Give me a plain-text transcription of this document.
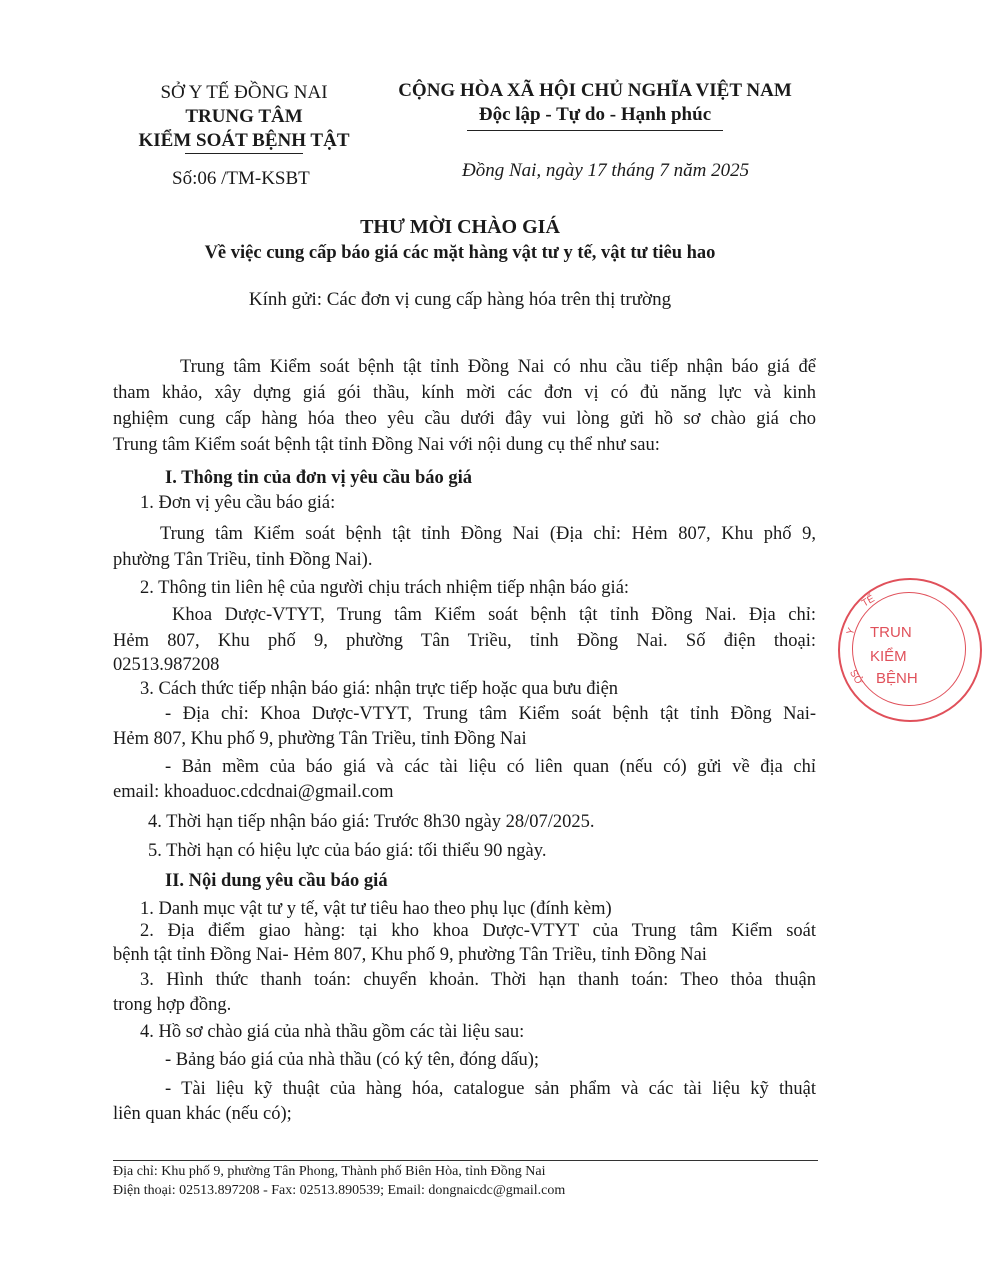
SỞ Y TẾ ĐỒNG NAI
TRUNG TÂM
KIỂM SOÁT BỆNH TẬT
Số:06 /TM-KSBT
CỘNG HÒA XÃ HỘI CHỦ NGHĨA VIỆT NAM
Độc lập - Tự do - Hạnh phúc
Đồng Nai, ngày 17 tháng 7 năm 2025
THƯ MỜI CHÀO GIÁ
Về việc cung cấp báo giá các mặt hàng vật tư y tế, vật tư tiêu hao
Kính gửi: Các đơn vị cung cấp hàng hóa trên thị trường
Trung tâm Kiểm soát bệnh tật tỉnh Đồng Nai có nhu cầu tiếp nhận báo giá để
tham khảo, xây dựng giá gói thầu, kính mời các đơn vị có đủ năng lực và kinh
nghiệm cung cấp hàng hóa theo yêu cầu dưới đây vui lòng gửi hồ sơ chào giá cho
Trung tâm Kiểm soát bệnh tật tỉnh Đồng Nai với nội dung cụ thể như sau:
I. Thông tin của đơn vị yêu cầu báo giá
1. Đơn vị yêu cầu báo giá:
Trung tâm Kiểm soát bệnh tật tỉnh Đồng Nai (Địa chỉ: Hẻm 807, Khu phố 9,
phường Tân Triều, tỉnh Đồng Nai).
2. Thông tin liên hệ của người chịu trách nhiệm tiếp nhận báo giá:
Khoa Dược-VTYT, Trung tâm Kiểm soát bệnh tật tỉnh Đồng Nai. Địa chỉ:
Hẻm 807, Khu phố 9, phường Tân Triều, tỉnh Đồng Nai. Số điện thoại:
02513.987208
3. Cách thức tiếp nhận báo giá: nhận trực tiếp hoặc qua bưu điện
- Địa chỉ: Khoa Dược-VTYT, Trung tâm Kiểm soát bệnh tật tỉnh Đồng Nai-
Hẻm 807, Khu phố 9, phường Tân Triều, tỉnh Đồng Nai
- Bản mềm của báo giá và các tài liệu có liên quan (nếu có) gửi về địa chỉ
email: khoaduoc.cdcdnai@gmail.com
4. Thời hạn tiếp nhận báo giá: Trước 8h30 ngày 28/07/2025.
5. Thời hạn có hiệu lực của báo giá: tối thiểu 90 ngày.
II. Nội dung yêu cầu báo giá
1. Danh mục vật tư y tế, vật tư tiêu hao theo phụ lục (đính kèm)
2. Địa điểm giao hàng: tại kho khoa Dược-VTYT của Trung tâm Kiểm soát
bệnh tật tỉnh Đồng Nai- Hẻm 807, Khu phố 9, phường Tân Triều, tỉnh Đồng Nai
3. Hình thức thanh toán: chuyển khoản. Thời hạn thanh toán: Theo thỏa thuận
trong hợp đồng.
4. Hồ sơ chào giá của nhà thầu gồm các tài liệu sau:
- Bảng báo giá của nhà thầu (có ký tên, đóng dấu);
- Tài liệu kỹ thuật của hàng hóa, catalogue sản phẩm và các tài liệu kỹ thuật
liên quan khác (nếu có);
Địa chỉ: Khu phố 9, phường Tân Phong, Thành phố Biên Hòa, tỉnh Đồng Nai
Điện thoại: 02513.897208 - Fax: 02513.890539; Email: dongnaicdc@gmail.com
TRUN
KIỂM
BỆNH
TẾ
Y
SỞ
